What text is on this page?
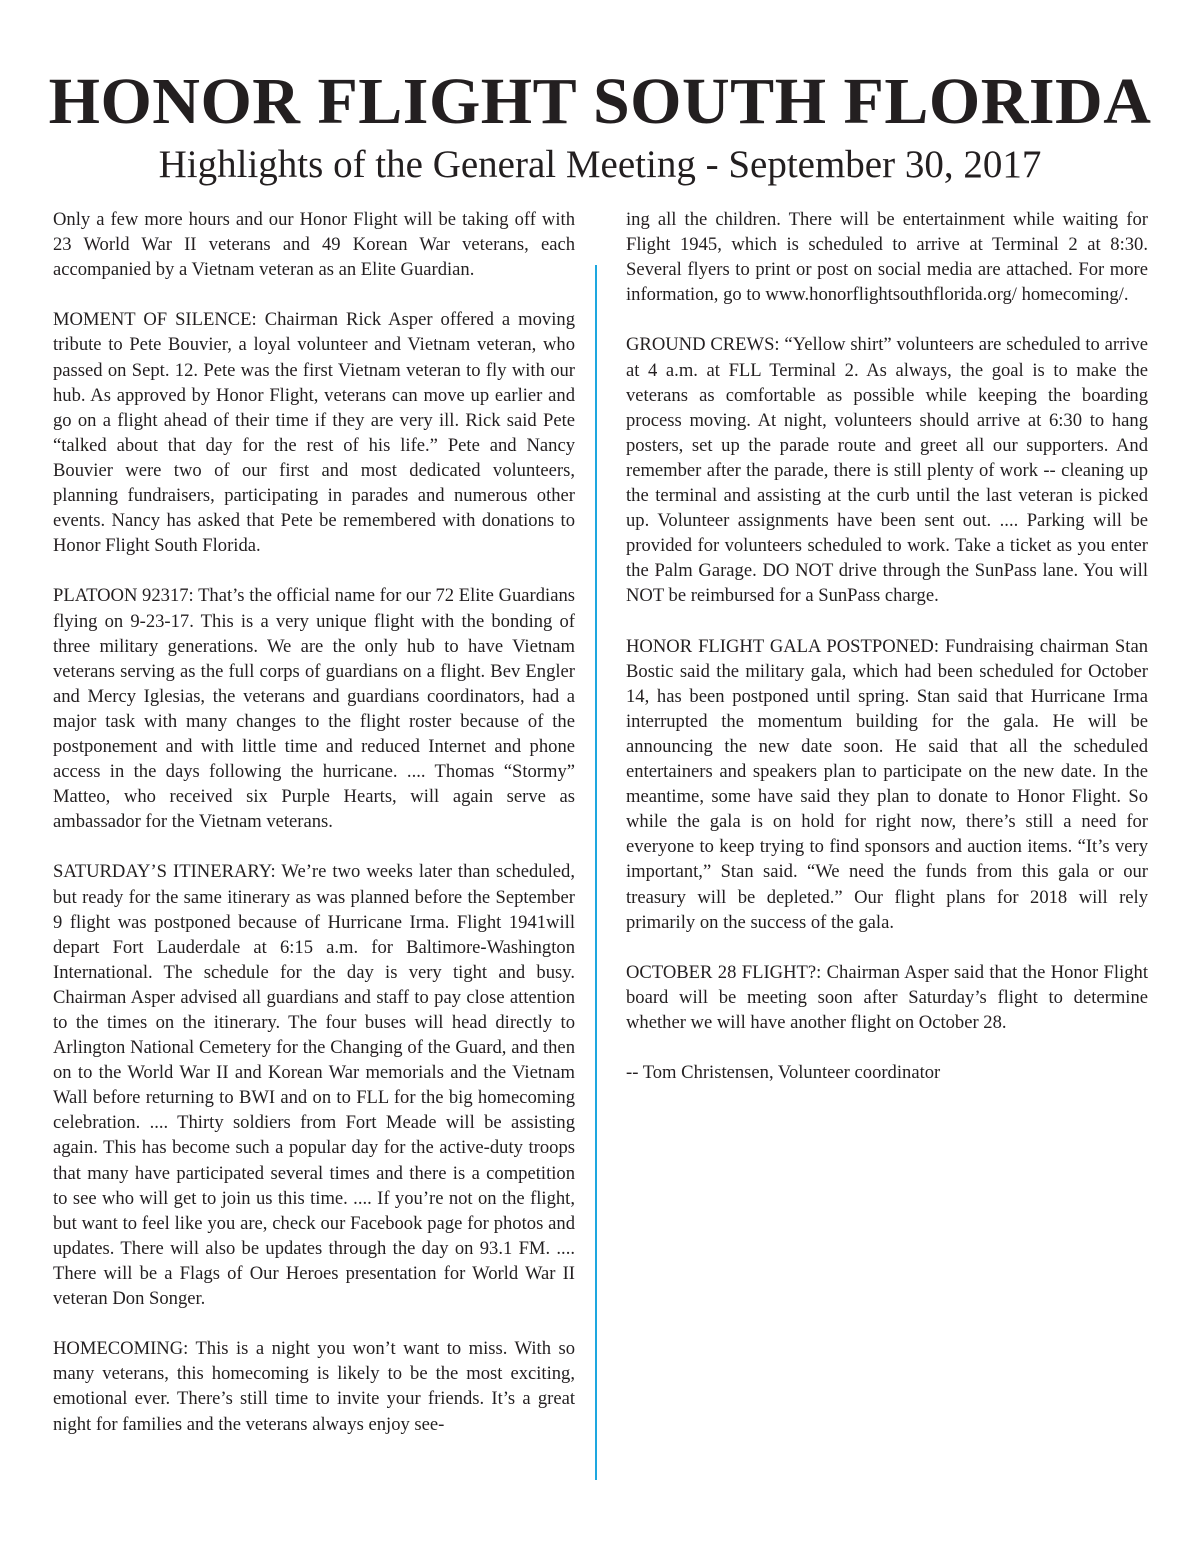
HONOR FLIGHT SOUTH FLORIDA
Highlights of the General Meeting - September 30, 2017

Only a few more hours and our Honor Flight will be taking off with 23 World War II veterans and 49 Korean War veterans, each accompanied by a Vietnam veteran as an Elite Guardian.

MOMENT OF SILENCE: Chairman Rick Asper offered a moving tribute to Pete Bouvier, a loyal volunteer and Vietnam veteran, who passed on Sept. 12. Pete was the first Vietnam veteran to fly with our hub. As approved by Honor Flight, veterans can move up earlier and go on a flight ahead of their time if they are very ill. Rick said Pete “talked about that day for the rest of his life.” Pete and Nancy Bouvier were two of our first and most dedicated volunteers, planning fundraisers, participating in parades and numerous other events. Nancy has asked that Pete be remembered with donations to Honor Flight South Florida.

PLATOON 92317: That’s the official name for our 72 Elite Guardians flying on 9-23-17. This is a very unique flight with the bonding of three military generations. We are the only hub to have Vietnam veterans serving as the full corps of guardians on a flight. Bev Engler and Mercy Iglesias, the veterans and guardians coordinators, had a major task with many changes to the flight roster because of the postponement and with little time and reduced Internet and phone access in the days following the hurricane. .... Thomas “Stormy” Matteo, who received six Purple Hearts, will again serve as ambassador for the Vietnam veterans.

SATURDAY’S ITINERARY: We’re two weeks later than scheduled, but ready for the same itinerary as was planned before the September 9 flight was postponed because of Hurricane Irma. Flight 1941will depart Fort Lauderdale at 6:15 a.m. for Baltimore-Washington International. The schedule for the day is very tight and busy. Chairman Asper advised all guardians and staff to pay close attention to the times on the itinerary. The four buses will head directly to Arlington National Cemetery for the Changing of the Guard, and then on to the World War II and Korean War memorials and the Vietnam Wall before returning to BWI and on to FLL for the big homecoming celebration. .... Thirty soldiers from Fort Meade will be assisting again. This has become such a popular day for the active-duty troops that many have participated several times and there is a competition to see who will get to join us this time. .... If you’re not on the flight, but want to feel like you are, check our Facebook page for photos and updates. There will also be updates through the day on 93.1 FM. .... There will be a Flags of Our Heroes presentation for World War II veteran Don Songer.

HOMECOMING: This is a night you won’t want to miss. With so many veterans, this homecoming is likely to be the most exciting, emotional ever. There’s still time to invite your friends. It’s a great night for families and the veterans always enjoy see-

ing all the children. There will be entertainment while waiting for Flight 1945, which is scheduled to arrive at Terminal 2 at 8:30. Several flyers to print or post on social media are attached. For more information, go to www.honorflightsouthflorida.org/ homecoming/.

GROUND CREWS: “Yellow shirt” volunteers are scheduled to arrive at 4 a.m. at FLL Terminal 2. As always, the goal is to make the veterans as comfortable as possible while keeping the boarding process moving. At night, volunteers should arrive at 6:30 to hang posters, set up the parade route and greet all our supporters. And remember after the parade, there is still plenty of work -- cleaning up the terminal and assisting at the curb until the last veteran is picked up. Volunteer assignments have been sent out. .... Parking will be provided for volunteers scheduled to work. Take a ticket as you enter the Palm Garage. DO NOT drive through the SunPass lane. You will NOT be reimbursed for a SunPass charge.

HONOR FLIGHT GALA POSTPONED: Fundraising chairman Stan Bostic said the military gala, which had been scheduled for October 14, has been postponed until spring. Stan said that Hurricane Irma interrupted the momentum building for the gala. He will be announcing the new date soon. He said that all the scheduled entertainers and speakers plan to participate on the new date. In the meantime, some have said they plan to donate to Honor Flight. So while the gala is on hold for right now, there’s still a need for everyone to keep trying to find sponsors and auction items. “It’s very important,” Stan said. “We need the funds from this gala or our treasury will be depleted.” Our flight plans for 2018 will rely primarily on the success of the gala.

OCTOBER 28 FLIGHT?: Chairman Asper said that the Honor Flight board will be meeting soon after Saturday’s flight to determine whether we will have another flight on October 28.

-- Tom Christensen, Volunteer coordinator
